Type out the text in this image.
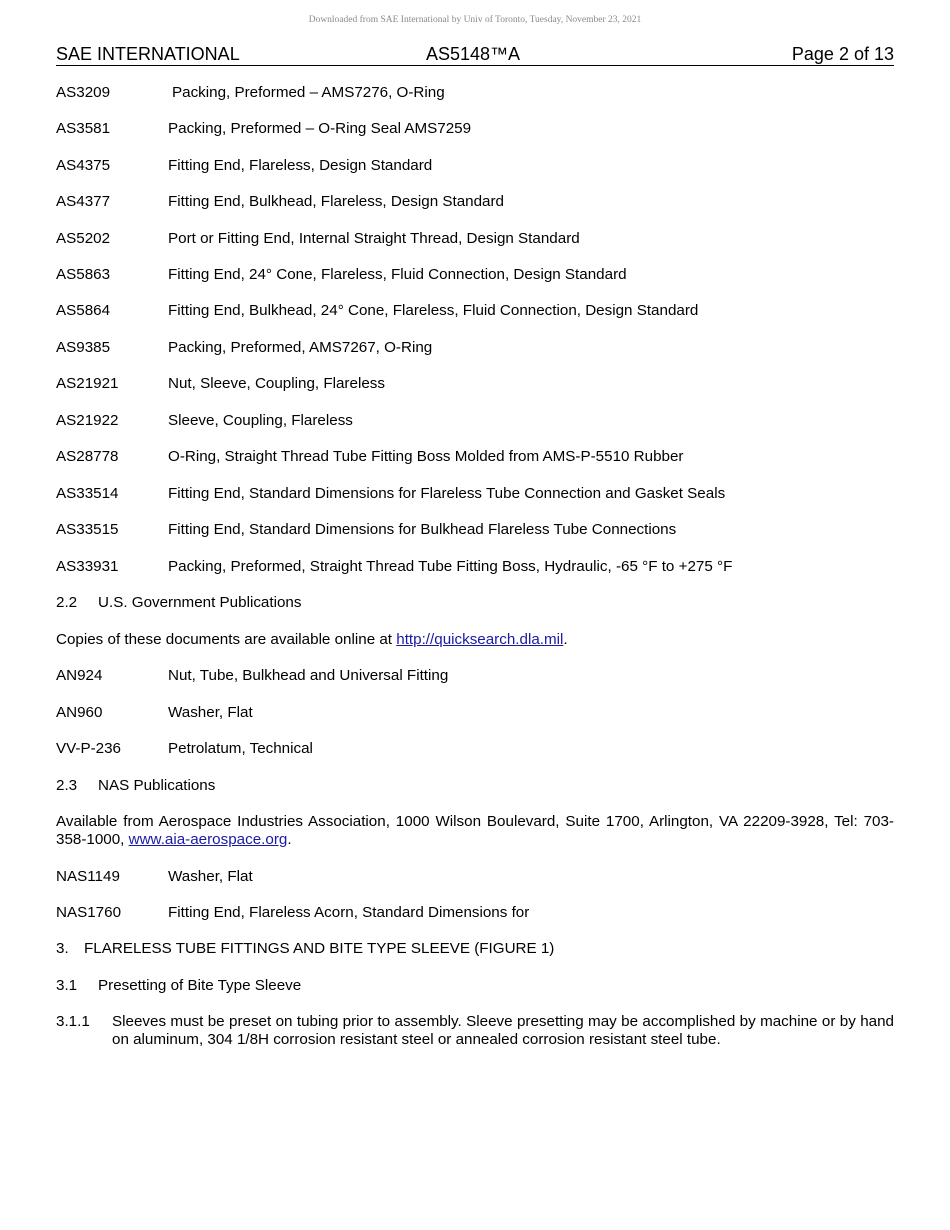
Downloaded from SAE International by Univ of Toronto, Tuesday, November 23, 2021
SAE INTERNATIONAL	AS5148™A	Page 2 of 13
AS3209	Packing, Preformed – AMS7276, O-Ring
AS3581	Packing, Preformed – O-Ring Seal AMS7259
AS4375	Fitting End, Flareless, Design Standard
AS4377	Fitting End, Bulkhead, Flareless, Design Standard
AS5202	Port or Fitting End, Internal Straight Thread, Design Standard
AS5863	Fitting End, 24° Cone, Flareless, Fluid Connection, Design Standard
AS5864	Fitting End, Bulkhead, 24° Cone, Flareless, Fluid Connection, Design Standard
AS9385	Packing, Preformed, AMS7267, O-Ring
AS21921	Nut, Sleeve, Coupling, Flareless
AS21922	Sleeve, Coupling, Flareless
AS28778	O-Ring, Straight Thread Tube Fitting Boss Molded from AMS-P-5510 Rubber
AS33514	Fitting End, Standard Dimensions for Flareless Tube Connection and Gasket Seals
AS33515	Fitting End, Standard Dimensions for Bulkhead Flareless Tube Connections
AS33931	Packing, Preformed, Straight Thread Tube Fitting Boss, Hydraulic, -65 °F to +275 °F
2.2 U.S. Government Publications
Copies of these documents are available online at http://quicksearch.dla.mil.
AN924	Nut, Tube, Bulkhead and Universal Fitting
AN960	Washer, Flat
VV-P-236	Petrolatum, Technical
2.3 NAS Publications
Available from Aerospace Industries Association, 1000 Wilson Boulevard, Suite 1700, Arlington, VA 22209-3928, Tel: 703-358-1000, www.aia-aerospace.org.
NAS1149	Washer, Flat
NAS1760	Fitting End, Flareless Acorn, Standard Dimensions for
3. FLARELESS TUBE FITTINGS AND BITE TYPE SLEEVE (FIGURE 1)
3.1 Presetting of Bite Type Sleeve
3.1.1 Sleeves must be preset on tubing prior to assembly. Sleeve presetting may be accomplished by machine or by hand on aluminum, 304 1/8H corrosion resistant steel or annealed corrosion resistant steel tube.
